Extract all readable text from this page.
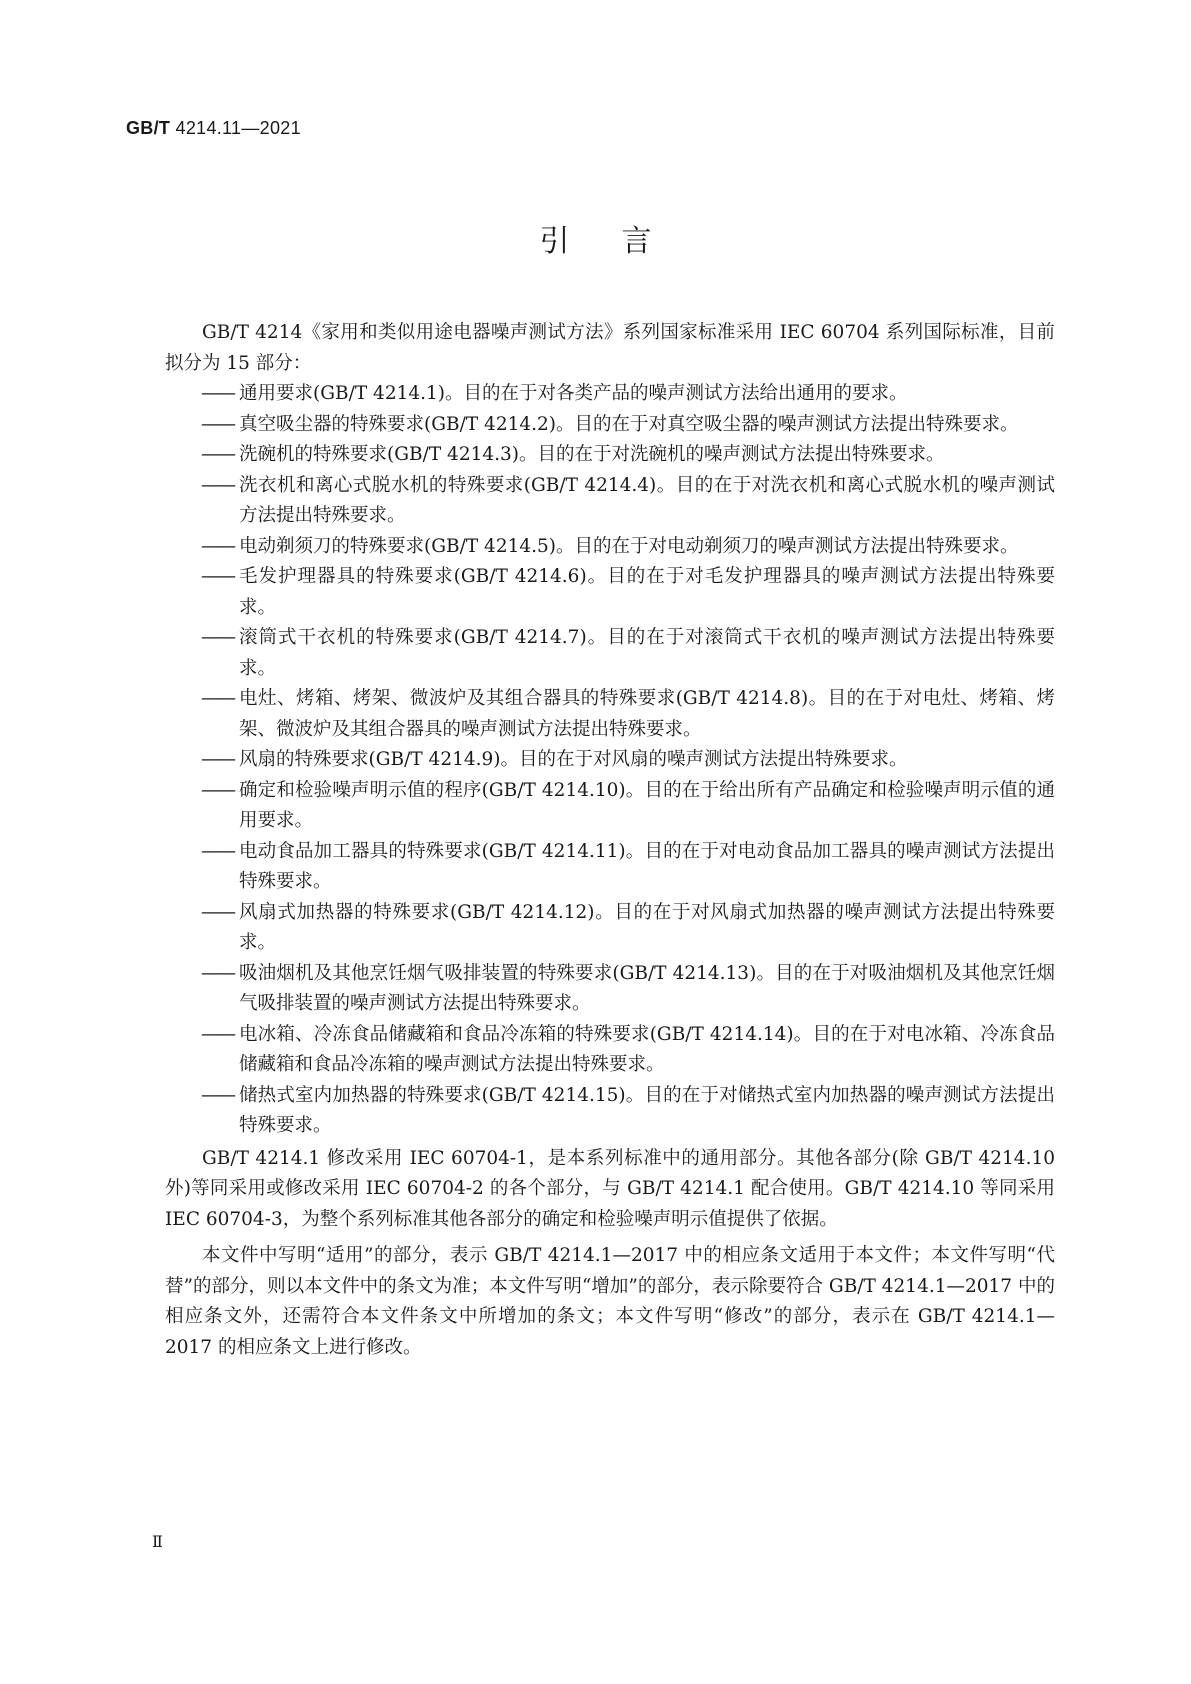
GB/T 4214.11—2021
引言

GB/T 4214《家用和类似用途电器噪声测试方法》系列国家标准采用 IEC 60704 系列国际标准，目前拟分为 15 部分：

—— 通用要求(GB/T 4214.1)。目的在于对各类产品的噪声测试方法给出通用的要求。
—— 真空吸尘器的特殊要求(GB/T 4214.2)。目的在于对真空吸尘器的噪声测试方法提出特殊要求。
—— 洗碗机的特殊要求(GB/T 4214.3)。目的在于对洗碗机的噪声测试方法提出特殊要求。
—— 洗衣机和离心式脱水机的特殊要求(GB/T 4214.4)。目的在于对洗衣机和离心式脱水机的噪声测试方法提出特殊要求。
—— 电动剃须刀的特殊要求(GB/T 4214.5)。目的在于对电动剃须刀的噪声测试方法提出特殊要求。
—— 毛发护理器具的特殊要求(GB/T 4214.6)。目的在于对毛发护理器具的噪声测试方法提出特殊要求。
—— 滚筒式干衣机的特殊要求(GB/T 4214.7)。目的在于对滚筒式干衣机的噪声测试方法提出特殊要求。
—— 电灶、烤箱、烤架、微波炉及其组合器具的特殊要求(GB/T 4214.8)。目的在于对电灶、烤箱、烤架、微波炉及其组合器具的噪声测试方法提出特殊要求。
—— 风扇的特殊要求(GB/T 4214.9)。目的在于对风扇的噪声测试方法提出特殊要求。
—— 确定和检验噪声明示值的程序(GB/T 4214.10)。目的在于给出所有产品确定和检验噪声明示值的通用要求。
—— 电动食品加工器具的特殊要求(GB/T 4214.11)。目的在于对电动食品加工器具的噪声测试方法提出特殊要求。
—— 风扇式加热器的特殊要求(GB/T 4214.12)。目的在于对风扇式加热器的噪声测试方法提出特殊要求。
—— 吸油烟机及其他烹饪烟气吸排装置的特殊要求(GB/T 4214.13)。目的在于对吸油烟机及其他烹饪烟气吸排装置的噪声测试方法提出特殊要求。
—— 电冰箱、冷冻食品储藏箱和食品冷冻箱的特殊要求(GB/T 4214.14)。目的在于对电冰箱、冷冻食品储藏箱和食品冷冻箱的噪声测试方法提出特殊要求。
—— 储热式室内加热器的特殊要求(GB/T 4214.15)。目的在于对储热式室内加热器的噪声测试方法提出特殊要求。

GB/T 4214.1 修改采用 IEC 60704-1，是本系列标准中的通用部分。其他各部分(除 GB/T 4214.10 外)等同采用或修改采用 IEC 60704-2 的各个部分，与 GB/T 4214.1 配合使用。GB/T 4214.10 等同采用 IEC 60704-3，为整个系列标准其他各部分的确定和检验噪声明示值提供了依据。

本文件中写明“适用”的部分，表示 GB/T 4214.1—2017 中的相应条文适用于本文件；本文件写明“代替”的部分，则以本文件中的条文为准；本文件写明“增加”的部分，表示除要符合 GB/T 4214.1—2017 中的相应条文外，还需符合本文件条文中所增加的条文；本文件写明“修改”的部分，表示在 GB/T 4214.1—2017 的相应条文上进行修改。

Ⅱ
